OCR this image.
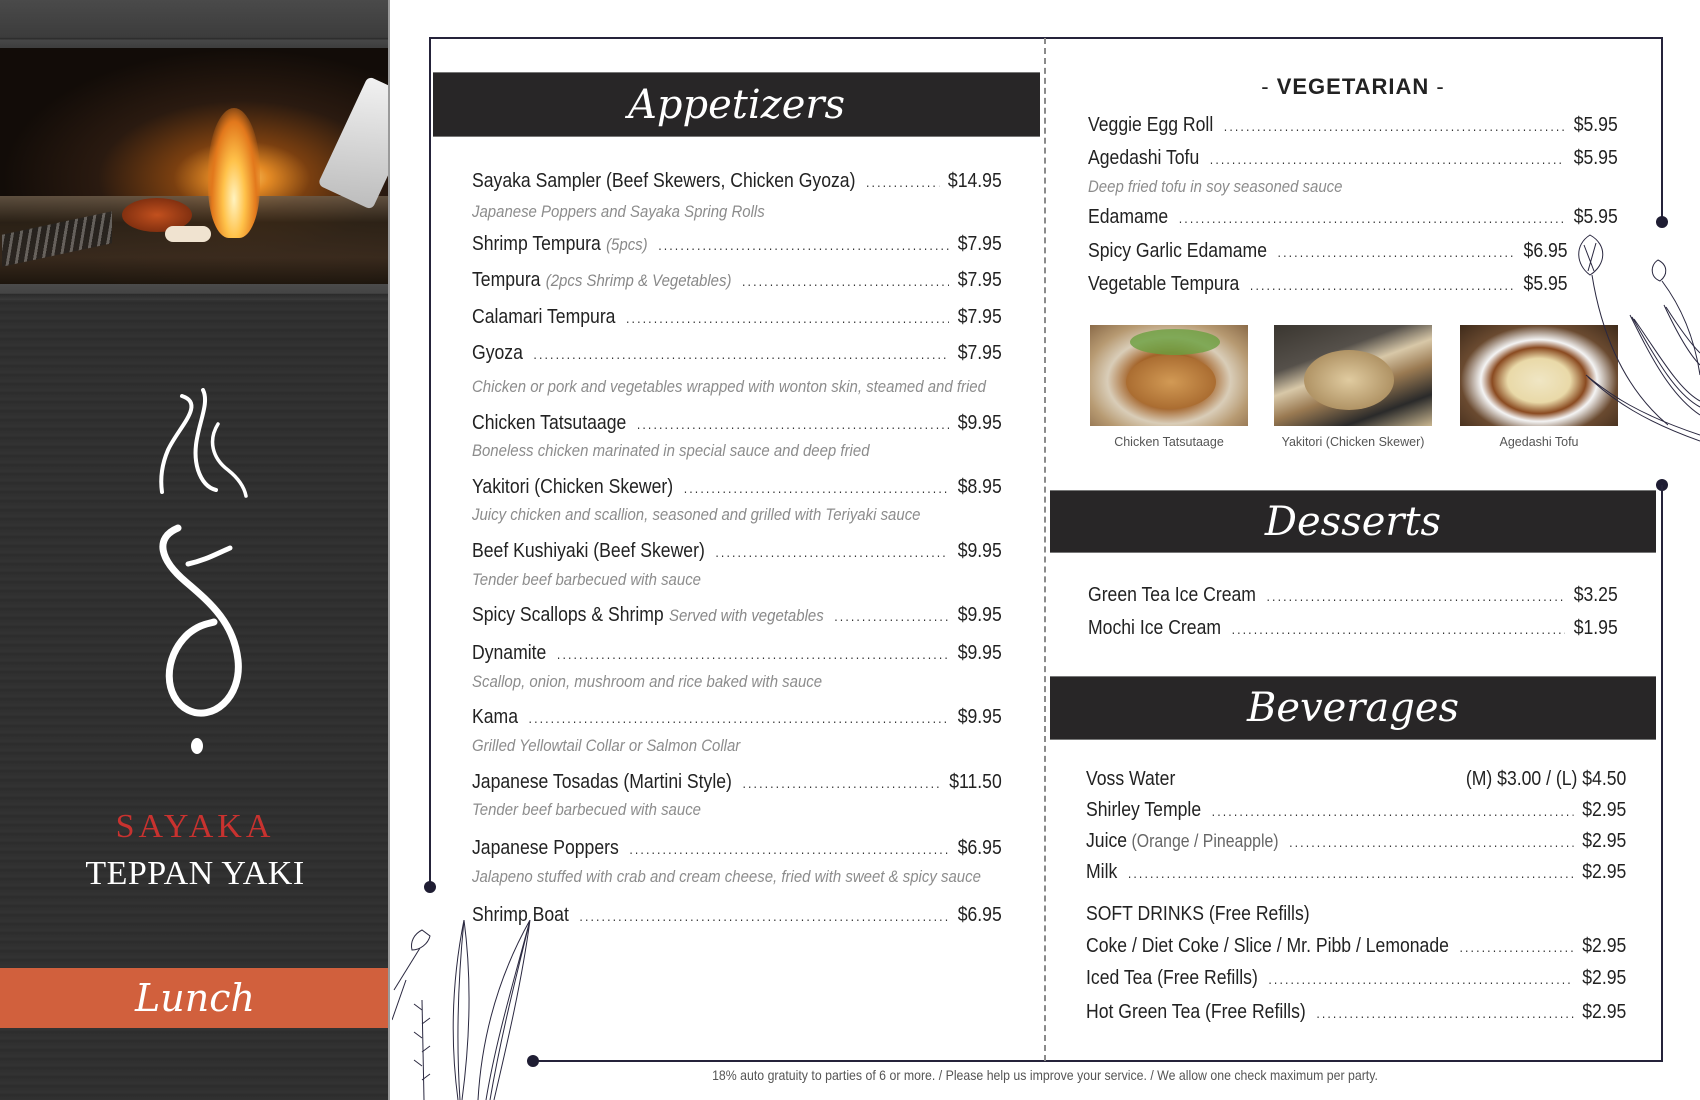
SAYAKA
TEPPAN YAKI
Lunch
Appetizers
Sayaka Sampler (Beef Skewers, Chicken Gyoza) .....	$14.95
Japanese Poppers and Sayaka Spring Rolls
Shrimp Tempura (5pcs) .....	$7.95
Tempura (2pcs Shrimp & Vegetables) .....	$7.95
Calamari Tempura .....	$7.95
Gyoza .....	$7.95
Chicken or pork and vegetables wrapped with wonton skin, steamed and fried
Chicken Tatsutaage .....	$9.95
Boneless chicken marinated in special sauce and deep fried
Yakitori (Chicken Skewer) .....	$8.95
Juicy chicken and scallion, seasoned and grilled with Teriyaki sauce
Beef Kushiyaki (Beef Skewer) .....	$9.95
Tender beef barbecued with sauce
Spicy Scallops & Shrimp Served with vegetables .....	$9.95
Dynamite .....	$9.95
Scallop, onion, mushroom and rice baked with sauce
Kama .....	$9.95
Grilled Yellowtail Collar or Salmon Collar
Japanese Tosadas (Martini Style) .....	$11.50
Tender beef barbecued with sauce
Japanese Poppers .....	$6.95
Jalapeno stuffed with crab and cream cheese, fried with sweet & spicy sauce
Shrimp Boat .....	$6.95
- VEGETARIAN -
Veggie Egg Roll .....	$5.95
Agedashi Tofu .....	$5.95
Deep fried tofu in soy seasoned sauce
Edamame .....	$5.95
Spicy Garlic Edamame .....	$6.95
Vegetable Tempura .....	$5.95
Chicken Tatsutaage	Yakitori (Chicken Skewer)	Agedashi Tofu
Desserts
Green Tea Ice Cream .....	$3.25
Mochi Ice Cream .....	$1.95
Beverages
Voss Water	(M) $3.00 / (L) $4.50
Shirley Temple .....	$2.95
Juice (Orange / Pineapple) .....	$2.95
Milk .....	$2.95
SOFT DRINKS (Free Refills)
Coke / Diet Coke / Slice / Mr. Pibb / Lemonade .....	$2.95
Iced Tea (Free Refills) .....	$2.95
Hot Green Tea (Free Refills) .....	$2.95
18% auto gratuity to parties of 6 or more. / Please help us improve your service. / We allow one check maximum per party.
